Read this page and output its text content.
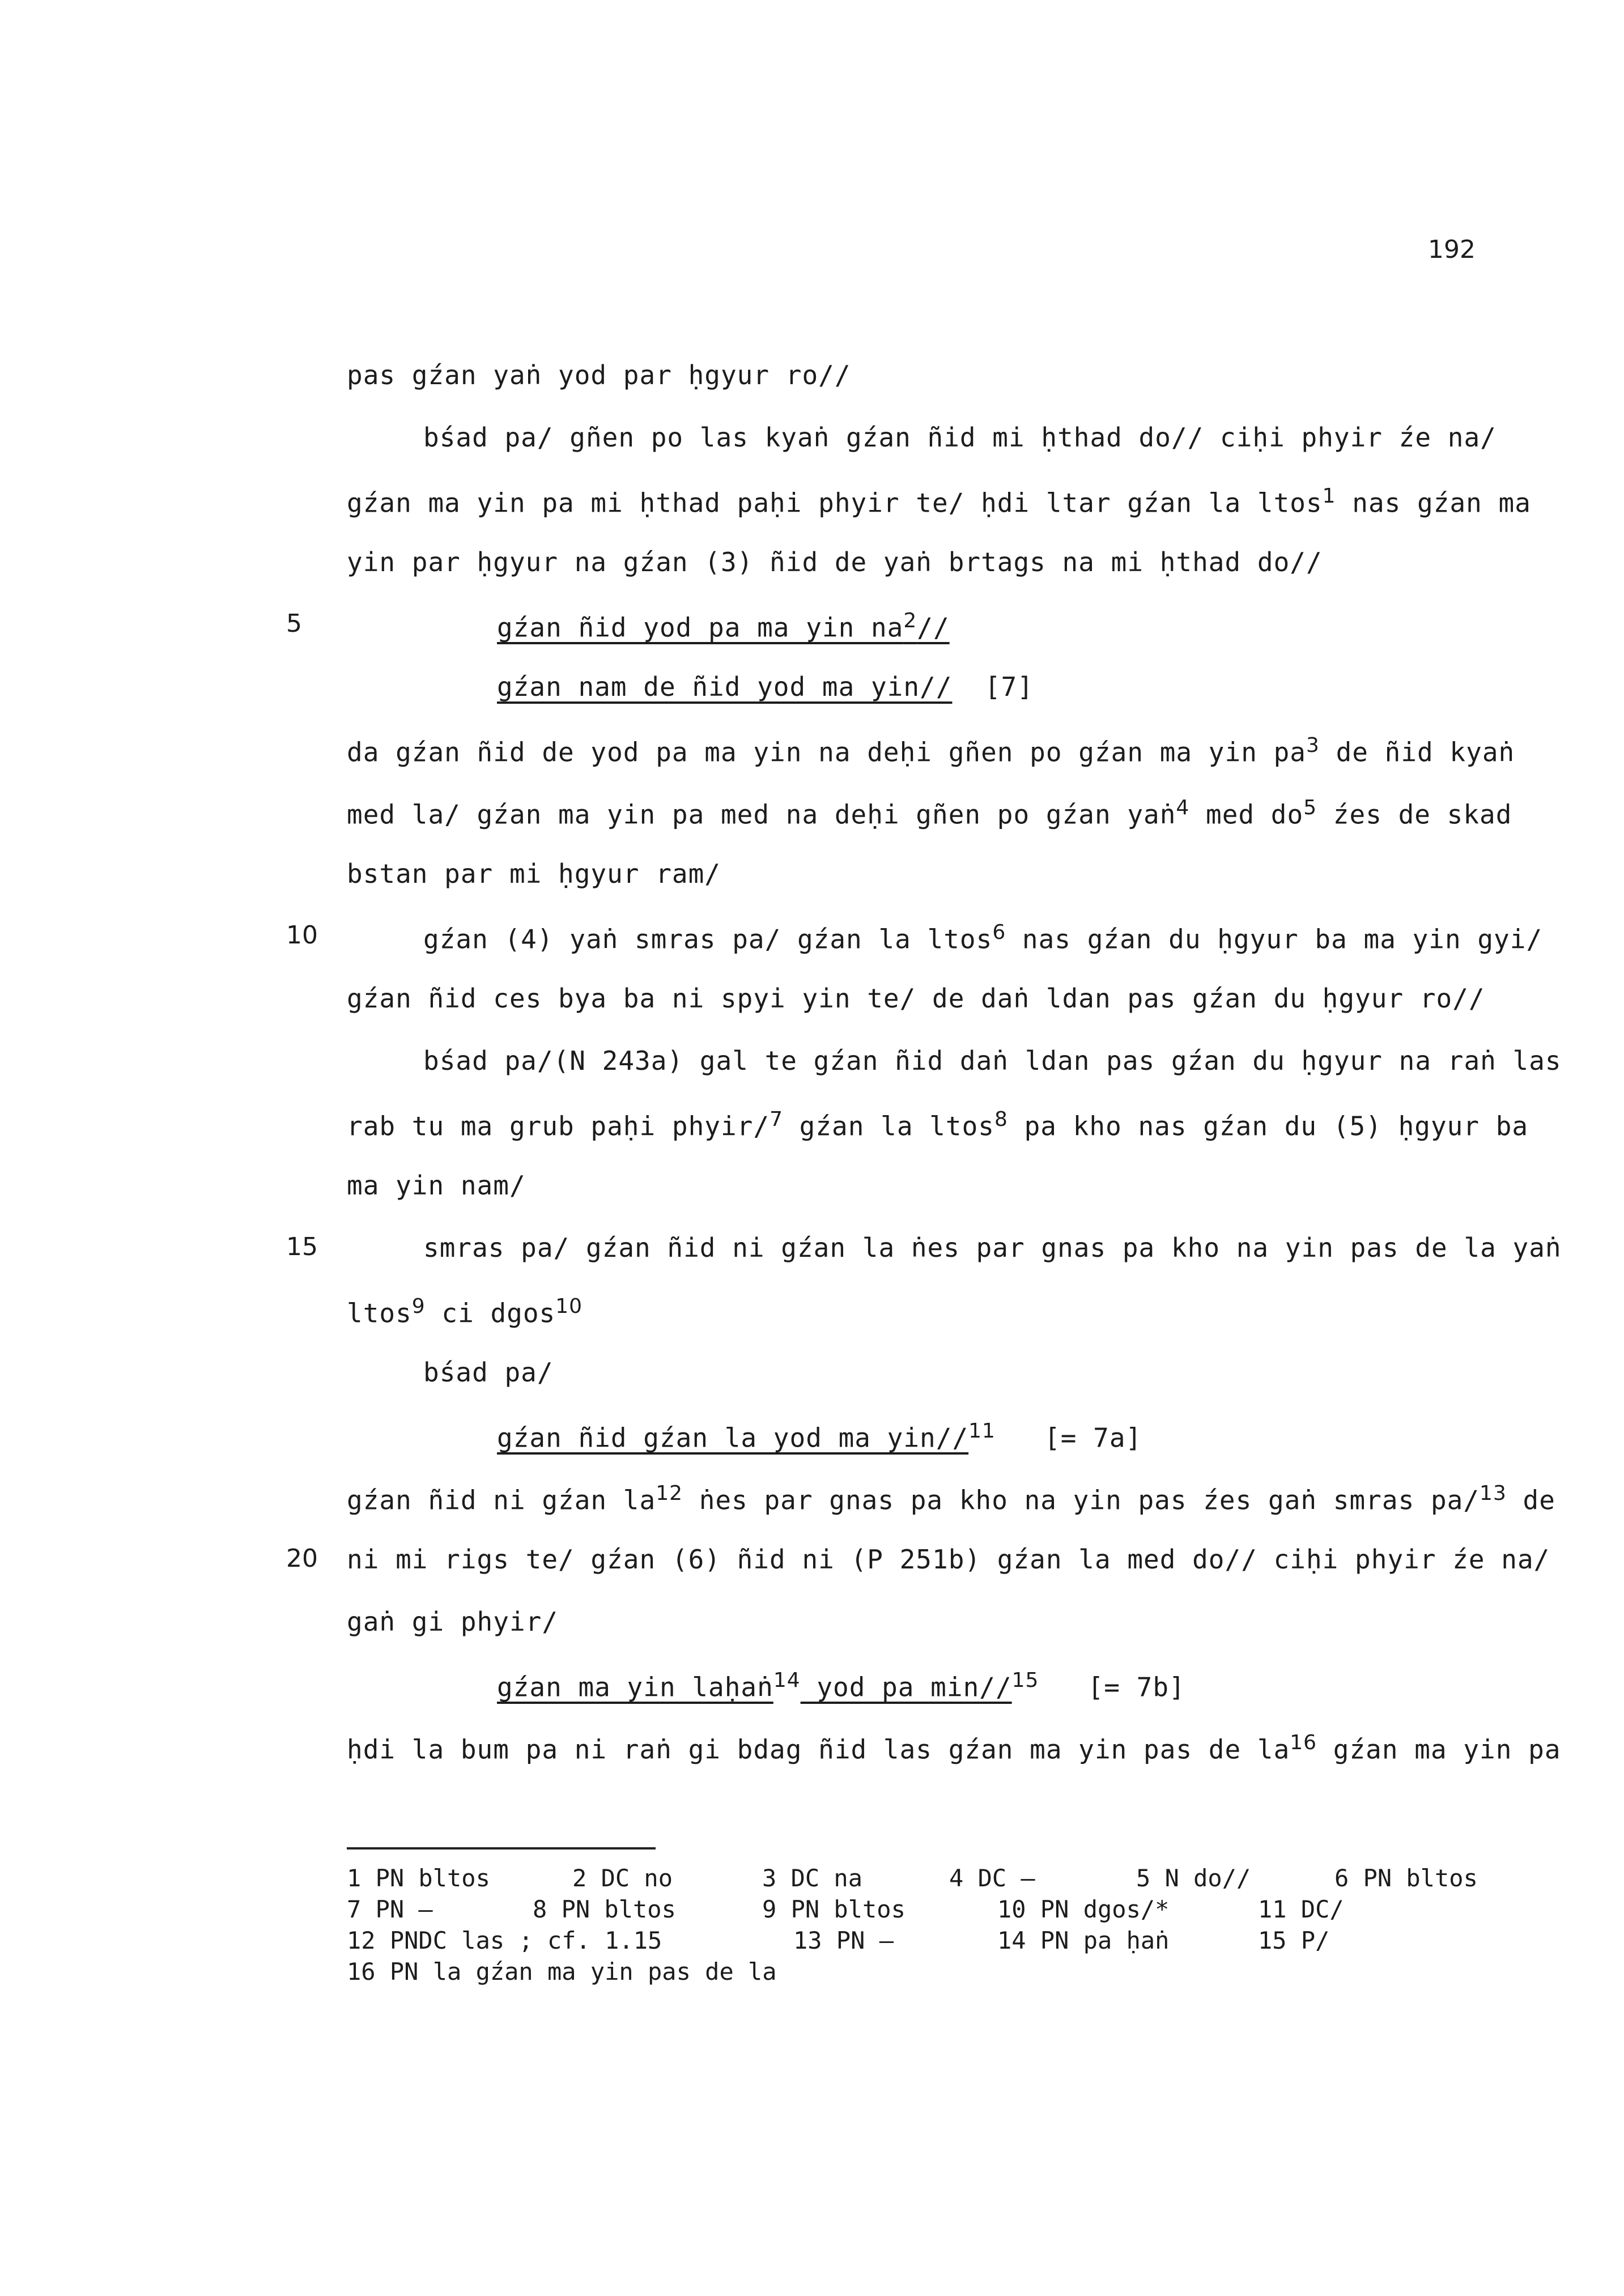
192
pas gźan yaṅ yod par ḥgyur ro//
bśad pa/ gñen po las kyaṅ gźan ñid mi ḥthad do// ciḥi phyir źe na/
gźan ma yin pa mi ḥthad paḥi phyir te/ ḥdi ltar gźan la ltos$^1$ nas gźan ma
yin par ḥgyur na gźan (3) ñid de yaṅ brtags na mi ḥthad do//
5	gźan ñid yod pa ma yin $na^2//$
gźan nam de ñid yod ma yin// [7]
da gźan ñid de yod pa ma yin na deḥi gñen po gźan ma yin $pa^3$ de ñid kyaṅ
med la/ gźan ma yin pa med na deḥi gñen po gźan yaṅ$^4$ med $do^5$ źes de skad
bstan par mi ḥgyur ram/
10	gźan (4) yaṅ smras pa/ gźan la ltos$^6$ nas gźan du ḥgyur ba ma yin gyi/
gźan ñid ces bya ba ni spyi yin te/ de daṅ ldan pas gźan du ḥgyur ro//
bśad pa/(N 243a) gal te gźan ñid daṅ ldan pas gźan du ḥgyur na raṅ las
rab tu ma grub paḥi phyir/$^7$ gźan la ltos$^8$ pa kho nas gźan du (5) ḥgyur ba
ma yin nam/
15	smras pa/ gźan ñid ni gźan la ṅes par gnas pa kho na yin pas de la yaṅ
ltos$^9$ ci dgos$^{10}$
bśad pa/
gźan ñid gźan la yod ma yin//$^{11}$ [= 7a]
gźan ñid ni gźan $la^{12}$ ṅes par gnas pa kho na yin pas źes gaṅ smras pa/$^{13}$ de
20 ni mi rigs te/ gźan (6) ñid ni (P 251b) gźan la med do// ciḥi phyir źe na/
gaṅ gi phyir/
gźan ma yin laḥaṅ$^{14}$ yod pa min//$^{15}$ [= 7b]
ḥdi la bum pa ni raṅ gi bdag ñid las gźan ma yin pas de $la^{16}$ gźan ma yin pa
1 PN bltos	2 DC no	3 DC na	4 DC —	5 N do//	6 PN bltos
7 PN —	8 PN bltos	9 PN bltos	10 PN dgos/*	11 DC/
12 PNDC las ; cf. 1.15	13 PN —	14 PN pa ḥaṅ	15 P/
16 PN la gźan ma yin pas de la
